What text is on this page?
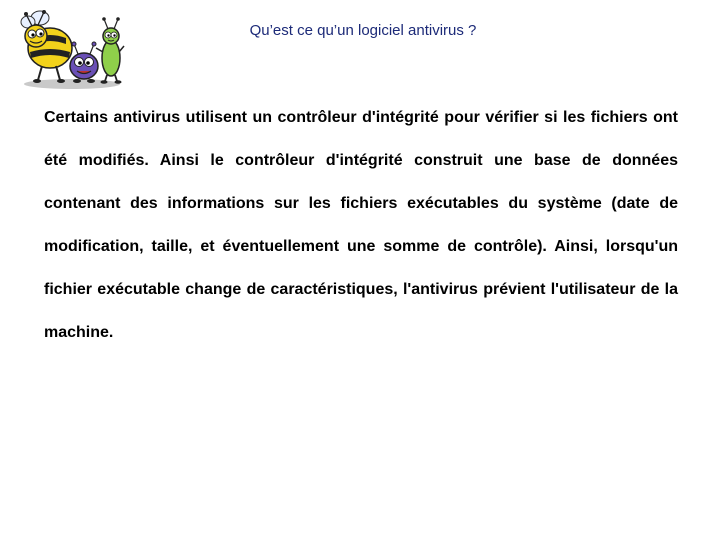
Qu’est ce qu’un logiciel antivirus ?

Certains antivirus utilisent un contrôleur d'intégrité pour vérifier si les fichiers ont été modifiés. Ainsi le contrôleur d'intégrité construit une base de données contenant des informations sur les fichiers exécutables du système (date de modification, taille, et éventuellement une somme de contrôle). Ainsi, lorsqu'un fichier exécutable change de caractéristiques, l'antivirus prévient l'utilisateur de la machine.
